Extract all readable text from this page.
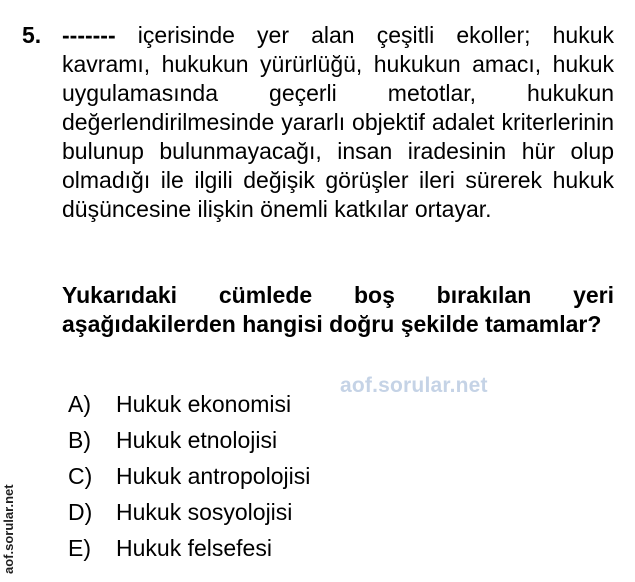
5. ------- içerisinde yer alan çeşitli ekoller; hukuk kavramı, hukukun yürürlüğü, hukukun amacı, hukuk uygulamasında geçerli metotlar, hukukun değerlendirilmesinde yararlı objektif adalet kriterlerinin bulunup bulunmayacağı, insan iradesinin hür olup olmadığı ile ilgili değişik görüşler ileri sürerek hukuk düşüncesine ilişkin önemli katkılar ortayar.

Yukarıdaki cümlede boş bırakılan yeri aşağıdakilerden hangisi doğru şekilde tamamlar?

A)	Hukuk ekonomisi
B)	Hukuk etnolojisi
C)	Hukuk antropolojisi
D)	Hukuk sosyolojisi
E)	Hukuk felsefesi
aof.sorular.net
aof.sorular.net
